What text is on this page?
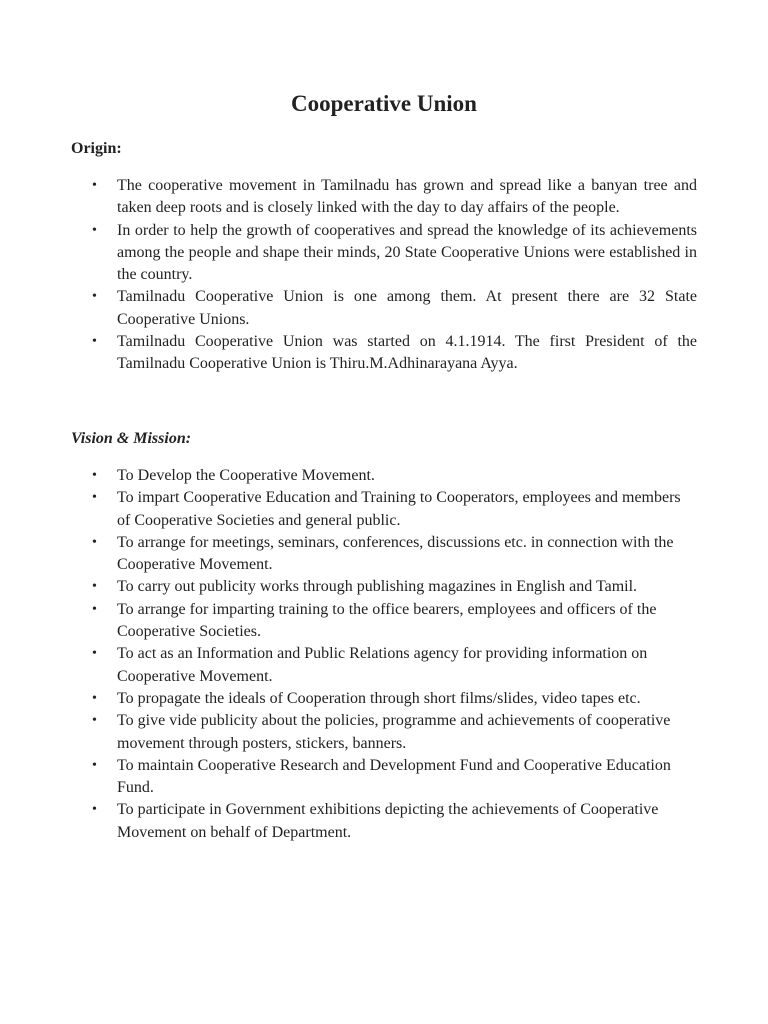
Cooperative Union
Origin:
• The cooperative movement in Tamilnadu has grown and spread like a banyan tree and taken deep roots and is closely linked with the day to day affairs of the people.
• In order to help the growth of cooperatives and spread the knowledge of its achievements among the people and shape their minds, 20 State Cooperative Unions were established in the country.
• Tamilnadu Cooperative Union is one among them. At present there are 32 State Cooperative Unions.
• Tamilnadu Cooperative Union was started on 4.1.1914. The first President of the Tamilnadu Cooperative Union is Thiru.M.Adhinarayana Ayya.
Vision & Mission:
• To Develop the Cooperative Movement.
• To impart Cooperative Education and Training to Cooperators, employees and members of Cooperative Societies and general public.
• To arrange for meetings, seminars, conferences, discussions etc. in connection with the Cooperative Movement.
• To carry out publicity works through publishing magazines in English and Tamil.
• To arrange for imparting training to the office bearers, employees and officers of the Cooperative Societies.
• To act as an Information and Public Relations agency for providing information on Cooperative Movement.
• To propagate the ideals of Cooperation through short films/slides, video tapes etc.
• To give vide publicity about the policies, programme and achievements of cooperative movement through posters, stickers, banners.
• To maintain Cooperative Research and Development Fund and Cooperative Education Fund.
• To participate in Government exhibitions depicting the achievements of Cooperative Movement on behalf of Department.
